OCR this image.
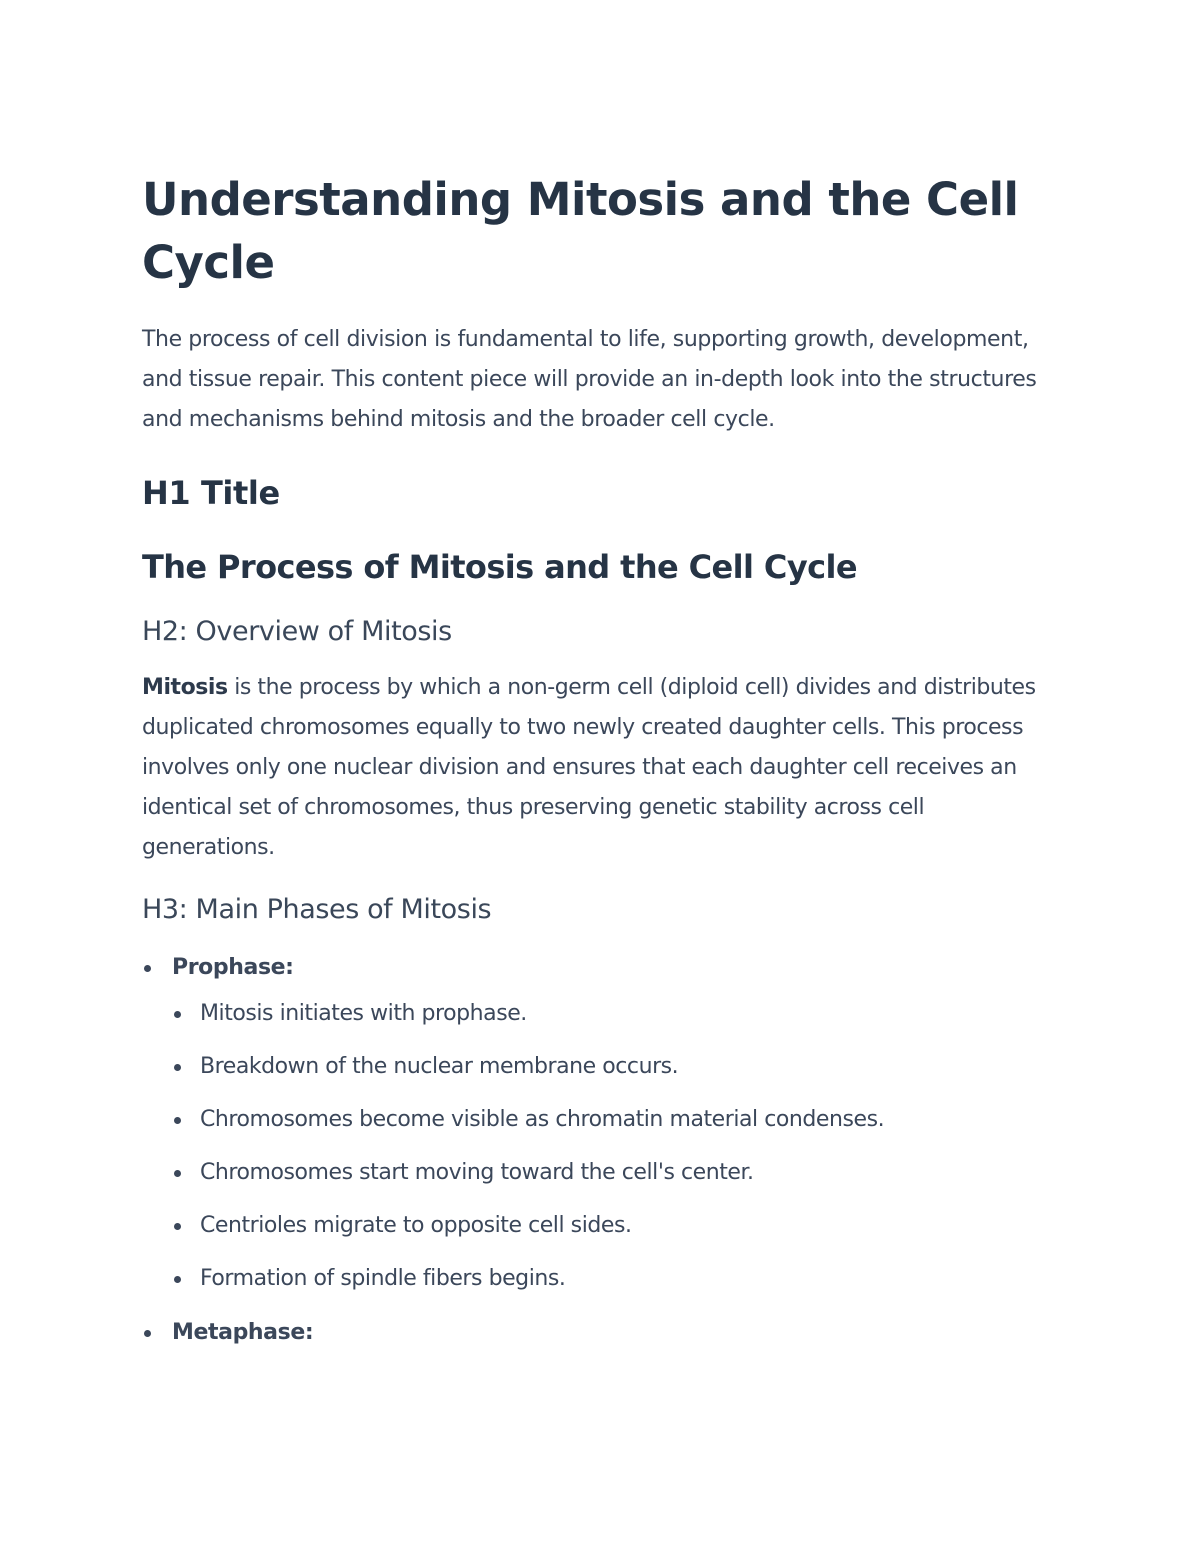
Understanding Mitosis and the Cell Cycle

The process of cell division is fundamental to life, supporting growth, development, and tissue repair. This content piece will provide an in-depth look into the structures and mechanisms behind mitosis and the broader cell cycle.

H1 Title
The Process of Mitosis and the Cell Cycle
H2: Overview of Mitosis

Mitosis is the process by which a non-germ cell (diploid cell) divides and distributes duplicated chromosomes equally to two newly created daughter cells. This process involves only one nuclear division and ensures that each daughter cell receives an identical set of chromosomes, thus preserving genetic stability across cell generations.

H3: Main Phases of Mitosis
Prophase:
Mitosis initiates with prophase.
Breakdown of the nuclear membrane occurs.
Chromosomes become visible as chromatin material condenses.
Chromosomes start moving toward the cell's center.
Centrioles migrate to opposite cell sides.
Formation of spindle fibers begins.
Metaphase:
